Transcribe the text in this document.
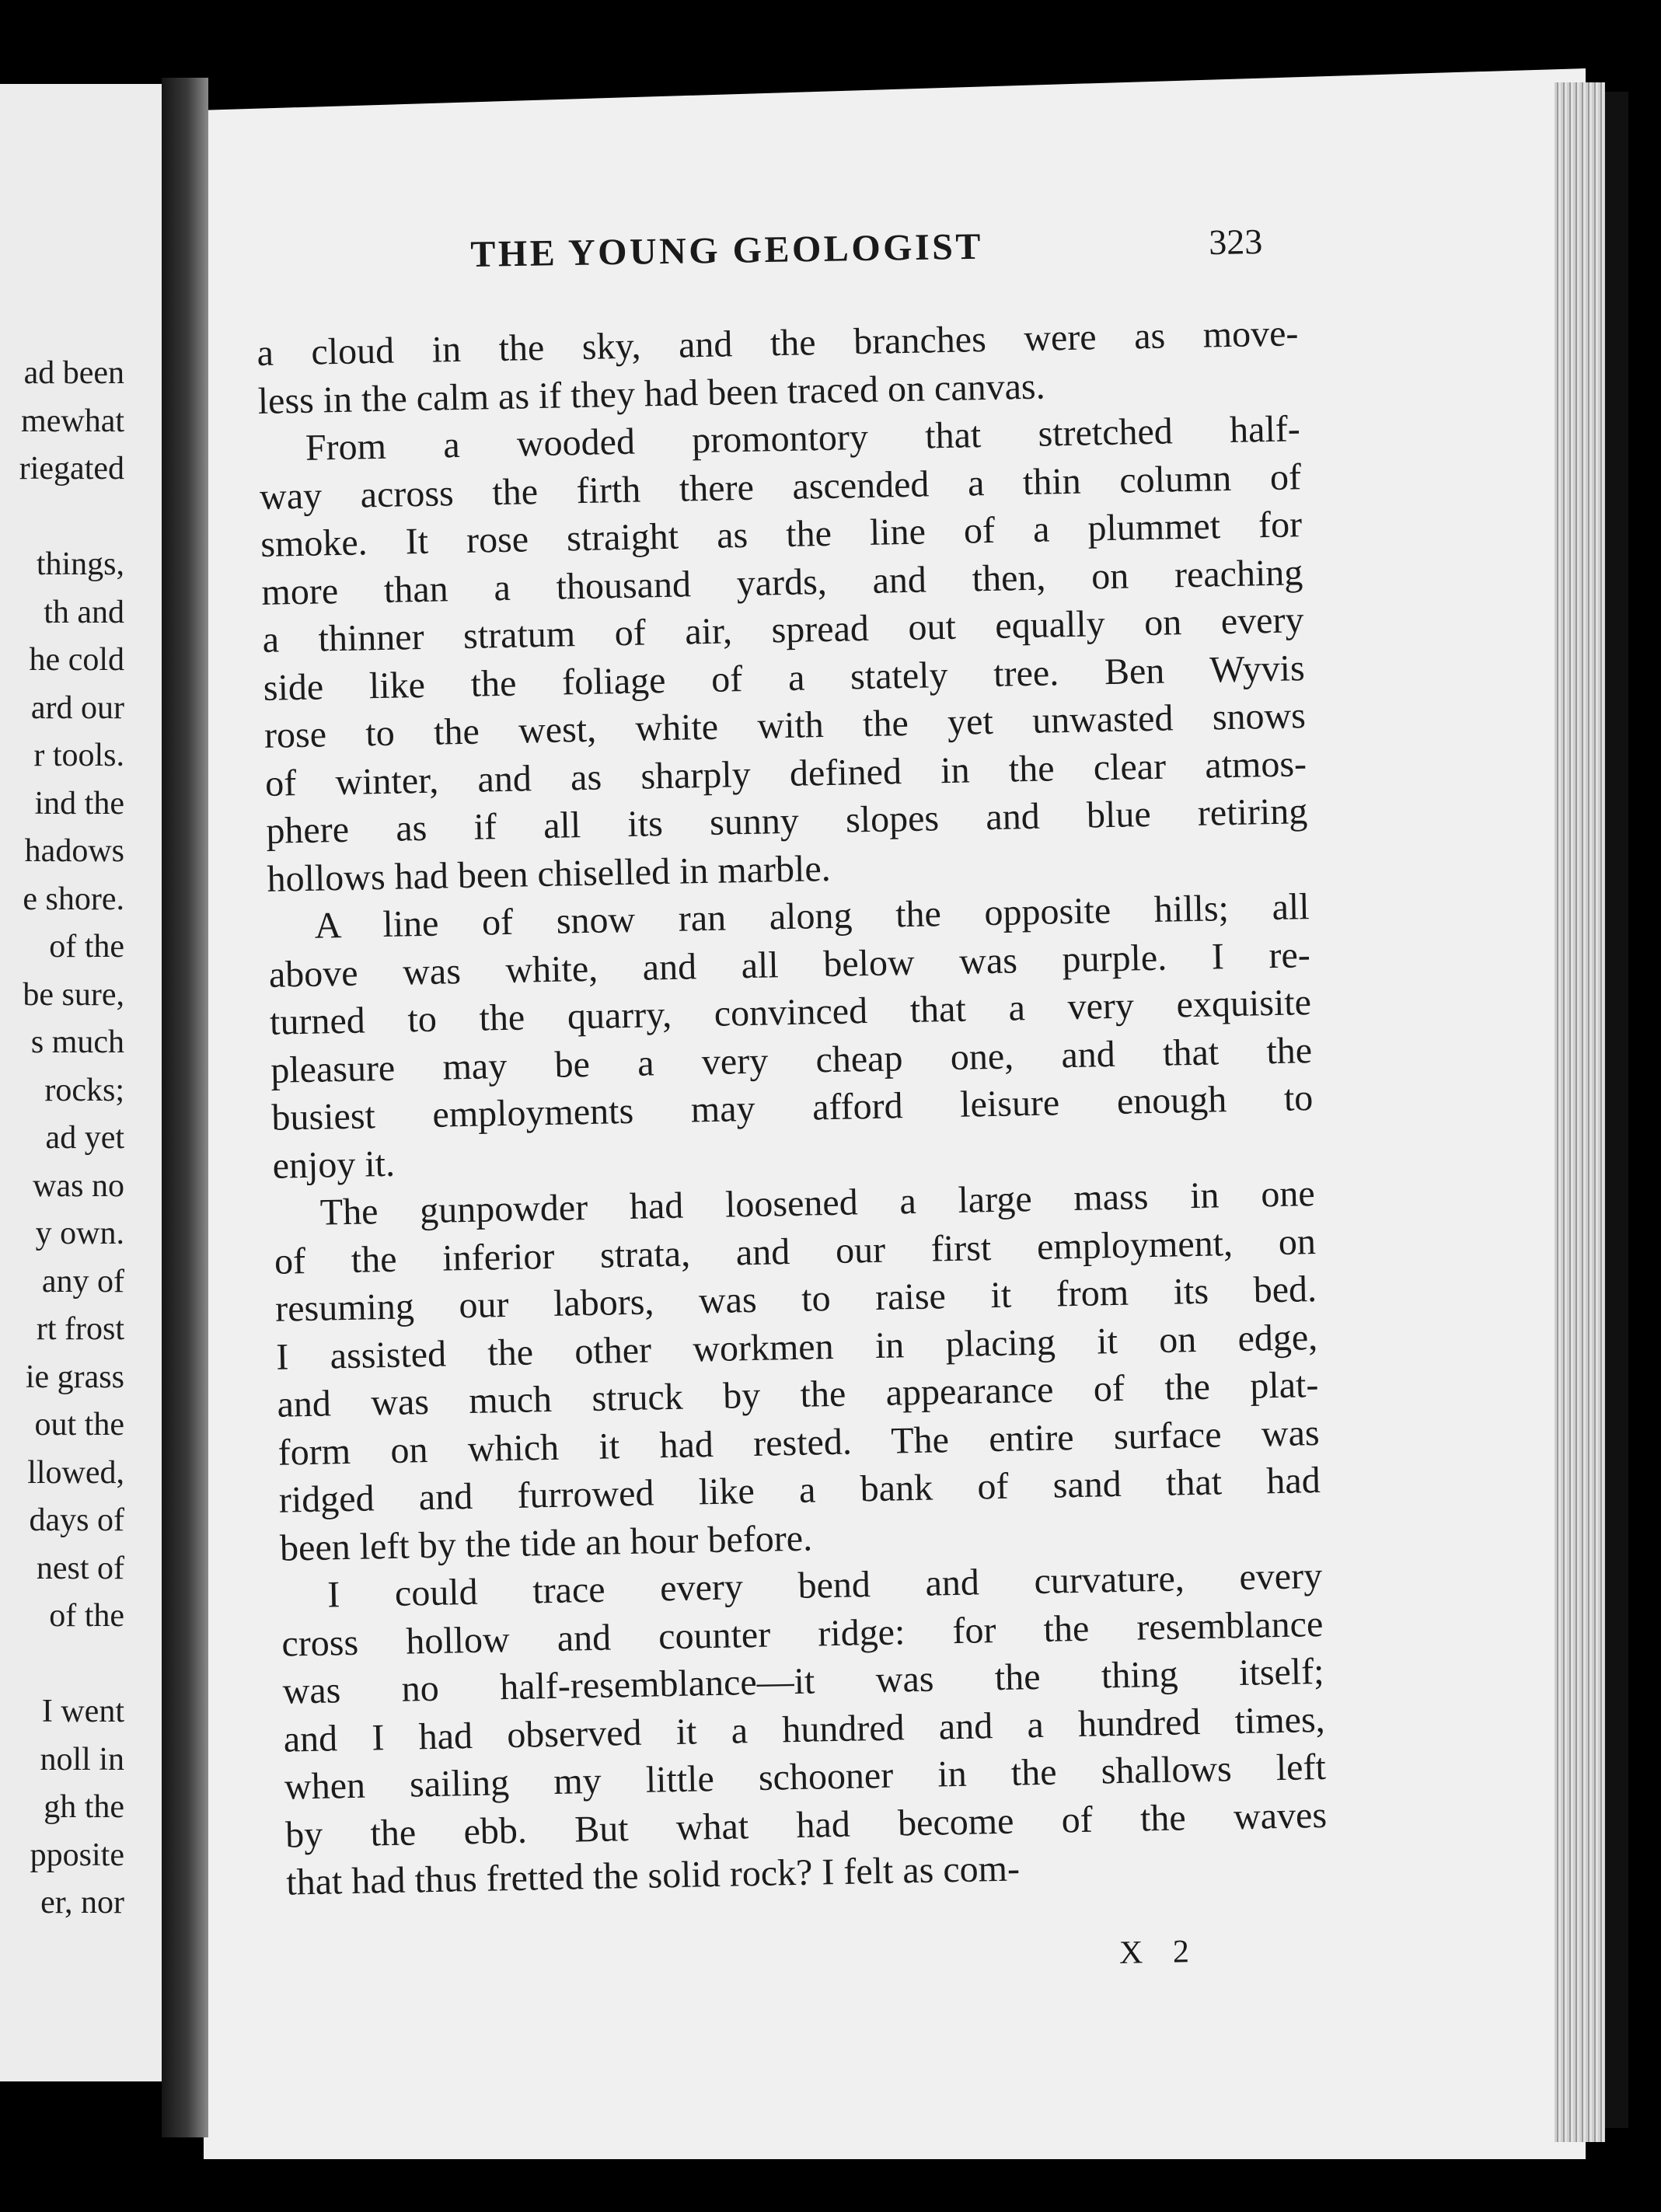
ad been
mewhat
riegated
things,
th and
he cold
ard our
r tools.
ind the
hadows
e shore.
of the
be sure,
s much
rocks;
ad yet
was no
y own.
any of
rt frost
ie grass
out the
llowed,
days of
nest of
of the
I went
noll in
gh the
pposite
er, nor
THE YOUNG GEOLOGIST	323
a cloud in the sky, and the branches were as move-
less in the calm as if they had been traced on canvas.
From a wooded promontory that stretched half-
way across the firth there ascended a thin column of
smoke. It rose straight as the line of a plummet for
more than a thousand yards, and then, on reaching
a thinner stratum of air, spread out equally on every
side like the foliage of a stately tree. Ben Wyvis
rose to the west, white with the yet unwasted snows
of winter, and as sharply defined in the clear atmos-
phere as if all its sunny slopes and blue retiring
hollows had been chiselled in marble.
A line of snow ran along the opposite hills; all
above was white, and all below was purple. I re-
turned to the quarry, convinced that a very exquisite
pleasure may be a very cheap one, and that the
busiest employments may afford leisure enough to
enjoy it.
The gunpowder had loosened a large mass in one
of the inferior strata, and our first employment, on
resuming our labors, was to raise it from its bed.
I assisted the other workmen in placing it on edge,
and was much struck by the appearance of the plat-
form on which it had rested. The entire surface was
ridged and furrowed like a bank of sand that had
been left by the tide an hour before.
I could trace every bend and curvature, every
cross hollow and counter ridge: for the resemblance
was no half-resemblance—it was the thing itself;
and I had observed it a hundred and a hundred times,
when sailing my little schooner in the shallows left
by the ebb. But what had become of the waves
that had thus fretted the solid rock? I felt as com-
X 2
